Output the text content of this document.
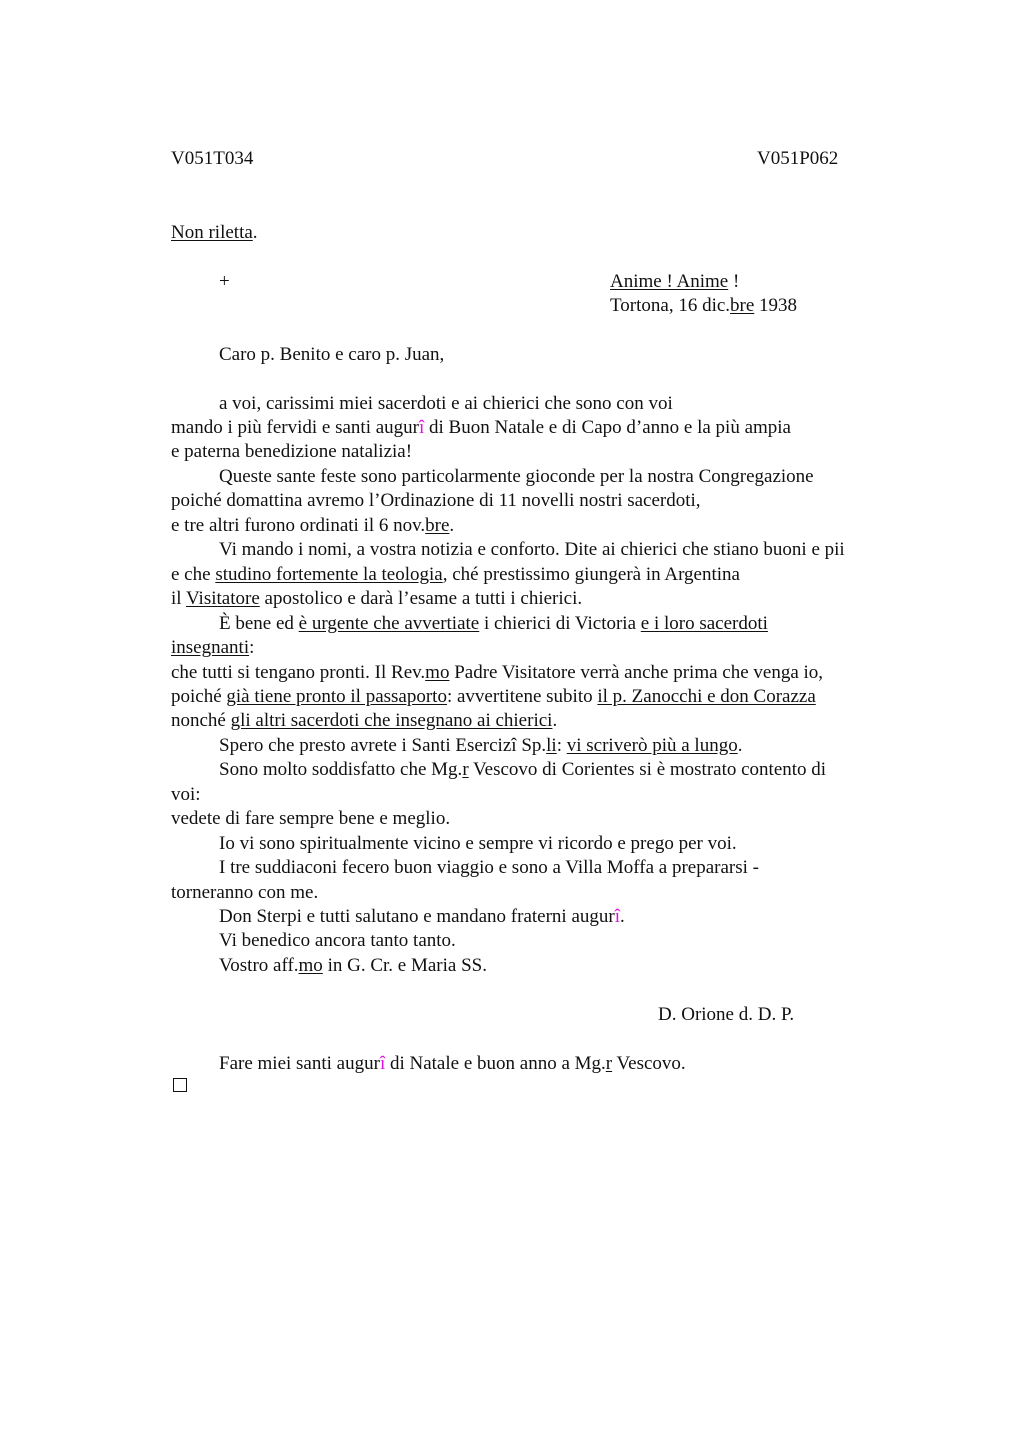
V051T034	V051P062
Non riletta.
+	Anime ! Anime !
Tortona, 16 dic.bre 1938
Caro p. Benito e caro p. Juan,
a voi, carissimi miei sacerdoti e ai chierici che sono con voi
mando i più fervidi e santi augurî di Buon Natale e di Capo d’anno e la più ampia
e paterna benedizione natalizia!
Queste sante feste sono particolarmente gioconde per la nostra Congregazione
poiché domattina avremo l’Ordinazione di 11 novelli nostri sacerdoti,
e tre altri furono ordinati il 6 nov.bre.
Vi mando i nomi, a vostra notizia e conforto. Dite ai chierici che stiano buoni e pii
e che studino fortemente la teologia, ché prestissimo giungerà in Argentina
il Visitatore apostolico e darà l’esame a tutti i chierici.
È bene ed è urgente che avvertiate i chierici di Victoria e i loro sacerdoti
insegnanti:
che tutti si tengano pronti. Il Rev.mo Padre Visitatore verrà anche prima che venga io,
poiché già tiene pronto il passaporto: avvertitene subito il p. Zanocchi e don Corazza
nonché gli altri sacerdoti che insegnano ai chierici.
Spero che presto avrete i Santi Esercizî Sp.li: vi scriverò più a lungo.
Sono molto soddisfatto che Mg.r Vescovo di Corientes si è mostrato contento di
voi:
vedete di fare sempre bene e meglio.
Io vi sono spiritualmente vicino e sempre vi ricordo e prego per voi.
I tre suddiaconi fecero buon viaggio e sono a Villa Moffa a prepararsi -
torneranno con me.
Don Sterpi e tutti salutano e mandano fraterni augurî.
Vi benedico ancora tanto tanto.
Vostro aff.mo in G. Cr. e Maria SS.
D. Orione d. D. P.
Fare miei santi augurî di Natale e buon anno a Mg.r Vescovo.
